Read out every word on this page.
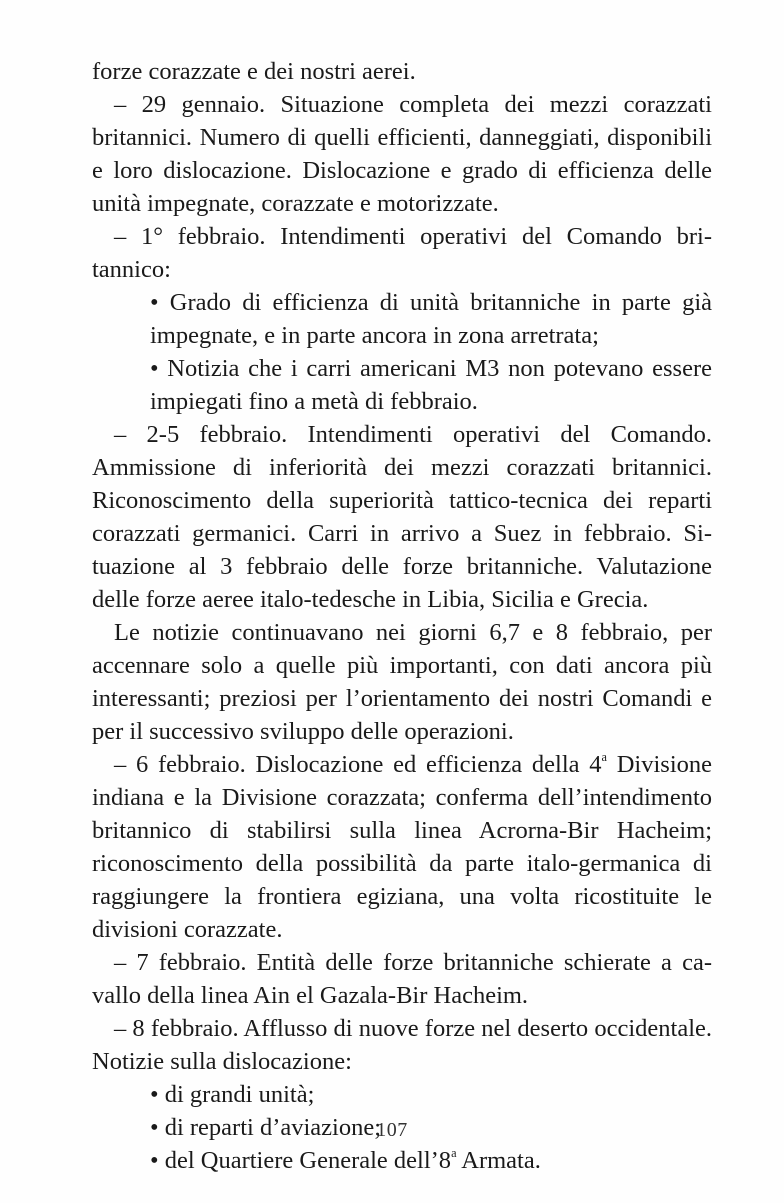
forze corazzate e dei nostri aerei.

– 29 gennaio. Situazione completa dei mezzi corazzati britannici. Numero di quelli efficienti, danneggiati, disponibili e loro dislocazione. Dislocazione e grado di efficienza delle unità impegnate, corazzate e motorizzate.

– 1° febbraio. Intendimenti operativi del Comando britannico:

• Grado di efficienza di unità britanniche in parte già impegnate, e in parte ancora in zona arretrata;

• Notizia che i carri americani M3 non potevano essere impiegati fino a metà di febbraio.

– 2-5 febbraio. Intendimenti operativi del Comando. Ammissione di inferiorità dei mezzi corazzati britannici. Riconoscimento della superiorità tattico-tecnica dei reparti corazzati germanici. Carri in arrivo a Suez in febbraio. Situazione al 3 febbraio delle forze britanniche. Valutazione delle forze aeree italo-tedesche in Libia, Sicilia e Grecia.

Le notizie continuavano nei giorni 6,7 e 8 febbraio, per accennare solo a quelle più importanti, con dati ancora più interessanti; preziosi per l’orientamento dei nostri Comandi e per il successivo sviluppo delle operazioni.

– 6 febbraio. Dislocazione ed efficienza della 4$^a$ Divisione indiana e la Divisione corazzata; conferma dell’intendimento britannico di stabilirsi sulla linea Acrorna-Bir Hacheim; riconoscimento della possibilità da parte italo-germanica di raggiungere la frontiera egiziana, una volta ricostituite le divisioni corazzate.

– 7 febbraio. Entità delle forze britanniche schierate a cavallo della linea Ain el Gazala-Bir Hacheim.

– 8 febbraio. Afflusso di nuove forze nel deserto occidentale. Notizie sulla dislocazione:

• di grandi unità;

• di reparti d’aviazione;

• del Quartiere Generale dell’8$^a$ Armata.

107
